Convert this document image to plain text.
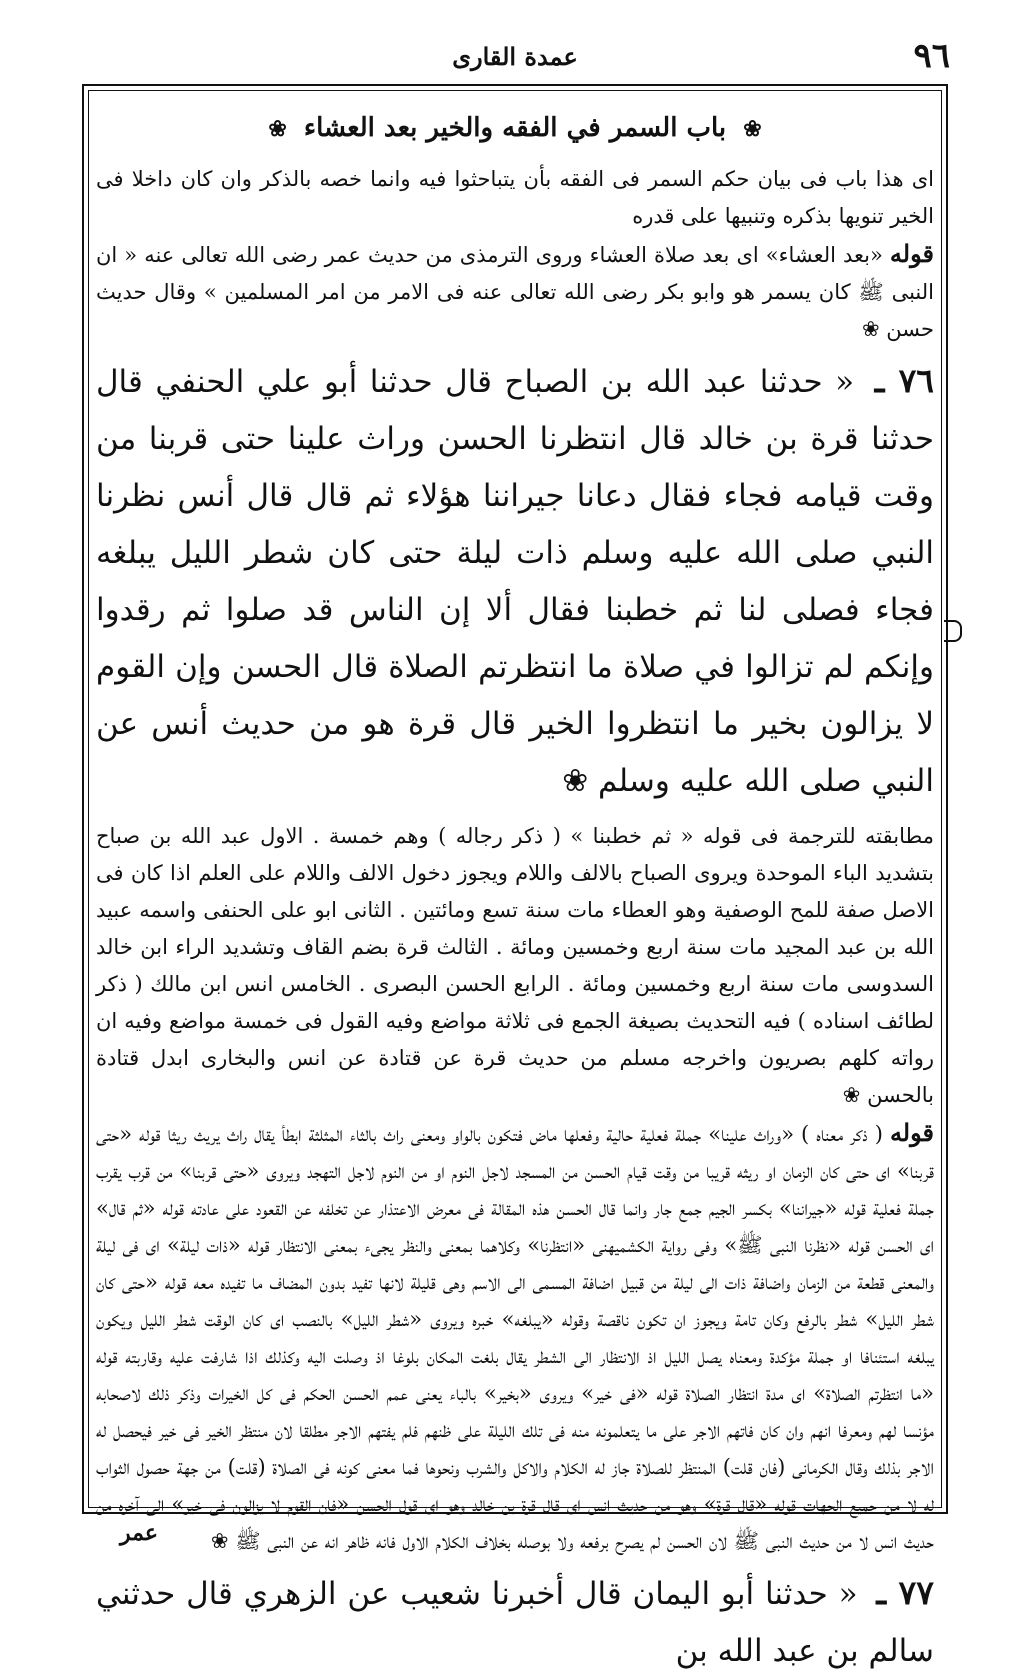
٩٦
عمدة القارى
❀ باب السمر في الفقه والخير بعد العشاء ❀

اى هذا باب فى بيان حكم السمر فى الفقه بأن يتباحثوا فيه وانما خصه بالذكر وان كان داخلا فى الخير تنويها بذكره وتنبيها على قدره

قوله «بعد العشاء» اى بعد صلاة العشاء وروى الترمذى من حديث عمر رضى الله تعالى عنه « ان النبى ﷺ كان يسمر هو وابو بكر رضى الله تعالى عنه فى الامر من امر المسلمين » وقال حديث حسن ❀

٧٦ ـ « حدثنا عبد الله بن الصباح قال حدثنا أبو علي الحنفي قال حدثنا قرة بن خالد قال انتظرنا الحسن وراث علينا حتى قربنا من وقت قيامه فجاء فقال دعانا جيراننا هؤلاء ثم قال قال أنس نظرنا النبي صلى الله عليه وسلم ذات ليلة حتى كان شطر الليل يبلغه فجاء فصلى لنا ثم خطبنا فقال ألا إن الناس قد صلوا ثم رقدوا وإنكم لم تزالوا في صلاة ما انتظرتم الصلاة قال الحسن وإن القوم لا يزالون بخير ما انتظروا الخير قال قرة هو من حديث أنس عن النبي صلى الله عليه وسلم ❀

مطابقته للترجمة فى قوله « ثم خطبنا » ( ذكر رجاله ) وهم خمسة . الاول عبد الله بن صباح بتشديد الباء الموحدة ويروى الصباح بالالف واللام ويجوز دخول الالف واللام على العلم اذا كان فى الاصل صفة للمح الوصفية وهو العطاء مات سنة تسع ومائتين . الثانى ابو على الحنفى واسمه عبيد الله بن عبد المجيد مات سنة اربع وخمسين ومائة . الثالث قرة بضم القاف وتشديد الراء ابن خالد السدوسى مات سنة اربع وخمسين ومائة . الرابع الحسن البصرى . الخامس انس ابن مالك ( ذكر لطائف اسناده ) فيه التحديث بصيغة الجمع فى ثلاثة مواضع وفيه القول فى خمسة مواضع وفيه ان رواته كلهم بصريون واخرجه مسلم من حديث قرة عن قتادة عن انس والبخارى ابدل قتادة بالحسن ❀

قوله ( ذكر معناه ) «وراث علينا» جملة فعلية حالية وفعلها ماض فتكون بالواو ومعنى راث بالثاء المثلثة ابطأ يقال راث يريث ريثا قوله «حتى قربنا» اى حتى كان الزمان او ريثه قريبا من وقت قيام الحسن من المسجد لاجل النوم او من النوم لاجل التهجد ويروى «حتى قربنا» من قرب يقرب جملة فعلية قوله «جيراننا» بكسر الجيم جمع جار وانما قال الحسن هذه المقالة فى معرض الاعتذار عن تخلفه عن القعود على عادته قوله «ثم قال» اى الحسن قوله «نظرنا النبى ﷺ» وفى رواية الكشميهنى «انتظرنا» وكلاهما بمعنى والنظر يجىء بمعنى الانتظار قوله «ذات ليلة» اى فى ليلة والمعنى قطعة من الزمان واضافة ذات الى ليلة من قبيل اضافة المسمى الى الاسم وهى قليلة لانها تفيد بدون المضاف ما تفيده معه قوله «حتى كان شطر الليل» شطر بالرفع وكان تامة ويجوز ان تكون ناقصة وقوله «يبلغه» خبره ويروى «شطر الليل» بالنصب اى كان الوقت شطر الليل ويكون يبلغه استئنافا او جملة مؤكدة ومعناه يصل الليل اذ الانتظار الى الشطر يقال بلغت المكان بلوغا اذ وصلت اليه وكذلك اذا شارفت عليه وقاربته قوله «ما انتظرتم الصلاة» اى مدة انتظار الصلاة قوله «فى خير» ويروى «بخير» بالباء يعنى عمم الحسن الحكم فى كل الخيرات وذكر ذلك لاصحابه مؤنسا لهم ومعرفا انهم وان كان فاتهم الاجر على ما يتعلمونه منه فى تلك الليلة على ظنهم فلم يفتهم الاجر مطلقا لان منتظر الخير فى خير فيحصل له الاجر بذلك وقال الكرمانى (فان قلت) المنتظر للصلاة جاز له الكلام والاكل والشرب ونحوها فما معنى كونه فى الصلاة (قلت) من جهة حصول الثواب له لا من جميع الجهات قوله «قال قرة» وهو من حديث انس اى قال قرة بن خالد وهو اى قول الحسن «فان القوم لا يزالون فى خير» الى آخره من حديث انس لا من حديث النبى ﷺ لان الحسن لم يصرح برفعه ولا بوصله بخلاف الكلام الاول فانه ظاهر انه عن النبى ﷺ ❀

٧٧ ـ « حدثنا أبو اليمان قال أخبرنا شعيب عن الزهري قال حدثني سالم بن عبد الله بن

عمر
